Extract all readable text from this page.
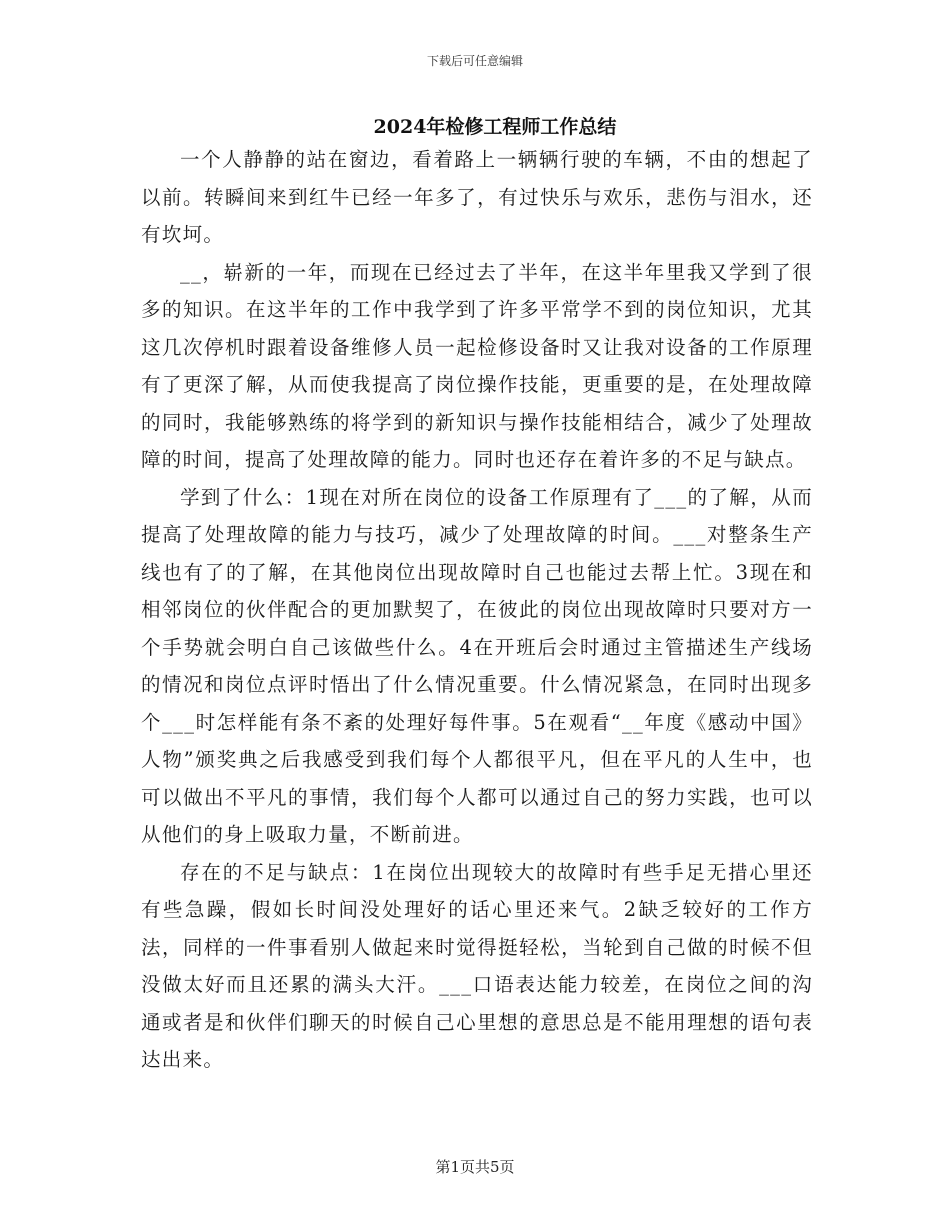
下载后可任意编辑
2024年检修工程师工作总结

一个人静静的站在窗边，看着路上一辆辆行驶的车辆，不由的想起了以前。转瞬间来到红牛已经一年多了，有过快乐与欢乐，悲伤与泪水，还有坎坷。

__，崭新的一年，而现在已经过去了半年，在这半年里我又学到了很多的知识。在这半年的工作中我学到了许多平常学不到的岗位知识，尤其这几次停机时跟着设备维修人员一起检修设备时又让我对设备的工作原理有了更深了解，从而使我提高了岗位操作技能，更重要的是，在处理故障的同时，我能够熟练的将学到的新知识与操作技能相结合，减少了处理故障的时间，提高了处理故障的能力。同时也还存在着许多的不足与缺点。

学到了什么：1现在对所在岗位的设备工作原理有了___的了解，从而提高了处理故障的能力与技巧，减少了处理故障的时间。___对整条生产线也有了的了解，在其他岗位出现故障时自己也能过去帮上忙。3现在和相邻岗位的伙伴配合的更加默契了，在彼此的岗位出现故障时只要对方一个手势就会明白自己该做些什么。4在开班后会时通过主管描述生产线场的情况和岗位点评时悟出了什么情况重要。什么情况紧急，在同时出现多个___时怎样能有条不紊的处理好每件事。5在观看“__年度《感动中国》人物”颁奖典之后我感受到我们每个人都很平凡，但在平凡的人生中，也可以做出不平凡的事情，我们每个人都可以通过自己的努力实践，也可以从他们的身上吸取力量，不断前进。

存在的不足与缺点：1在岗位出现较大的故障时有些手足无措心里还有些急躁，假如长时间没处理好的话心里还来气。2缺乏较好的工作方法，同样的一件事看别人做起来时觉得挺轻松，当轮到自己做的时候不但没做太好而且还累的满头大汗。___口语表达能力较差，在岗位之间的沟通或者是和伙伴们聊天的时候自己心里想的意思总是不能用理想的语句表达出来。

第1页共5页
